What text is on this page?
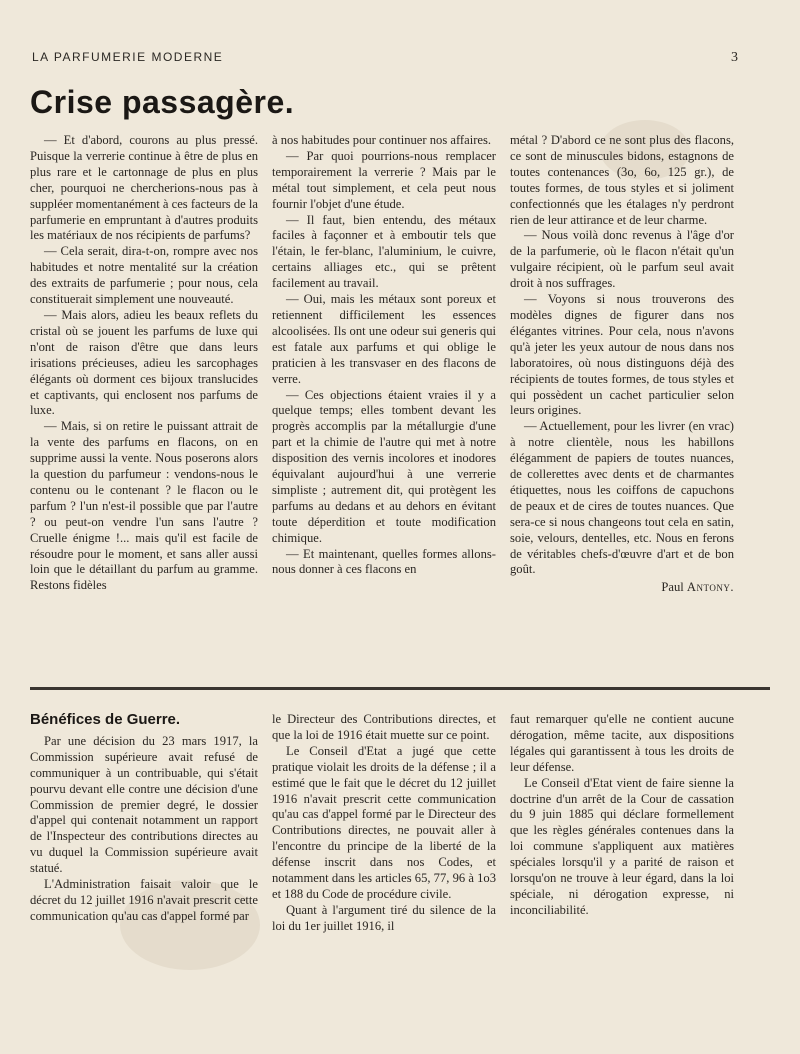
LA PARFUMERIE MODERNE	3
Crise passagère.

— Et d'abord, courons au plus pressé. Puisque la verrerie continue à être de plus en plus rare et le cartonnage de plus en plus cher, pourquoi ne chercherions-nous pas à suppléer momentanément à ces facteurs de la parfumerie en empruntant à d'autres produits les matériaux de nos récipients de parfums?

— Cela serait, dira-t-on, rompre avec nos habitudes et notre mentalité sur la création des extraits de parfumerie ; pour nous, cela constituerait simplement une nouveauté.

— Mais alors, adieu les beaux reflets du cristal où se jouent les parfums de luxe qui n'ont de raison d'être que dans leurs irisations précieuses, adieu les sarcophages élégants où dorment ces bijoux translucides et captivants, qui enclosent nos parfums de luxe.

— Mais, si on retire le puissant attrait de la vente des parfums en flacons, on en supprime aussi la vente. Nous poserons alors la question du parfumeur : vendons-nous le contenu ou le contenant ? le flacon ou le parfum ? l'un n'est-il possible que par l'autre ? ou peut-on vendre l'un sans l'autre ? Cruelle énigme !... mais qu'il est facile de résoudre pour le moment, et sans aller aussi loin que le détaillant du parfum au gramme. Restons fidèles

à nos habitudes pour continuer nos affaires.

— Par quoi pourrions-nous remplacer temporairement la verrerie ? Mais par le métal tout simplement, et cela peut nous fournir l'objet d'une étude.

— Il faut, bien entendu, des métaux faciles à façonner et à emboutir tels que l'étain, le fer-blanc, l'aluminium, le cuivre, certains alliages etc., qui se prêtent facilement au travail.

— Oui, mais les métaux sont poreux et retiennent difficilement les essences alcoolisées. Ils ont une odeur sui generis qui est fatale aux parfums et qui oblige le praticien à les transvaser en des flacons de verre.

— Ces objections étaient vraies il y a quelque temps; elles tombent devant les progrès accomplis par la métallurgie d'une part et la chimie de l'autre qui met à notre disposition des vernis incolores et inodores équivalant aujourd'hui à une verrerie simpliste ; autrement dit, qui protègent les parfums au dedans et au dehors en évitant toute déperdition et toute modification chimique.

— Et maintenant, quelles formes allons-nous donner à ces flacons en

métal ? D'abord ce ne sont plus des flacons, ce sont de minuscules bidons, estagnons de toutes contenances (3o, 6o, 125 gr.), de toutes formes, de tous styles et si joliment confectionnés que les étalages n'y perdront rien de leur attirance et de leur charme.

— Nous voilà donc revenus à l'âge d'or de la parfumerie, où le flacon n'était qu'un vulgaire récipient, où le parfum seul avait droit à nos suffrages.

— Voyons si nous trouverons des modèles dignes de figurer dans nos élégantes vitrines. Pour cela, nous n'avons qu'à jeter les yeux autour de nous dans nos laboratoires, où nous distinguons déjà des récipients de toutes formes, de tous styles et qui possèdent un cachet particulier selon leurs origines.

— Actuellement, pour les livrer (en vrac) à notre clientèle, nous les habillons élégamment de papiers de toutes nuances, de collerettes avec dents et de charmantes étiquettes, nous les coiffons de capuchons de peaux et de cires de toutes nuances. Que sera-ce si nous changeons tout cela en satin, soie, velours, dentelles, etc. Nous en ferons de véritables chefs-d'œuvre d'art et de bon goût.

Paul Antony.
Bénéfices de Guerre.

Par une décision du 23 mars 1917, la Commission supérieure avait refusé de communiquer à un contribuable, qui s'était pourvu devant elle contre une décision d'une Commission de premier degré, le dossier d'appel qui contenait notamment un rapport de l'Inspecteur des contributions directes au vu duquel la Commission supérieure avait statué.

L'Administration faisait valoir que le décret du 12 juillet 1916 n'avait prescrit cette communication qu'au cas d'appel formé par

le Directeur des Contributions directes, et que la loi de 1916 était muette sur ce point.

Le Conseil d'Etat a jugé que cette pratique violait les droits de la défense ; il a estimé que le fait que le décret du 12 juillet 1916 n'avait prescrit cette communication qu'au cas d'appel formé par le Directeur des Contributions directes, ne pouvait aller à l'encontre du principe de la liberté de la défense inscrit dans nos Codes, et notamment dans les articles 65, 77, 96 à 1o3 et 188 du Code de procédure civile.

Quant à l'argument tiré du silence de la loi du 1er juillet 1916, il

faut remarquer qu'elle ne contient aucune dérogation, même tacite, aux dispositions légales qui garantissent à tous les droits de leur défense.

Le Conseil d'Etat vient de faire sienne la doctrine d'un arrêt de la Cour de cassation du 9 juin 1885 qui déclare formellement que les règles générales contenues dans la loi commune s'appliquent aux matières spéciales lorsqu'il y a parité de raison et lorsqu'on ne trouve à leur égard, dans la loi spéciale, ni dérogation expresse, ni inconciliabilité.
